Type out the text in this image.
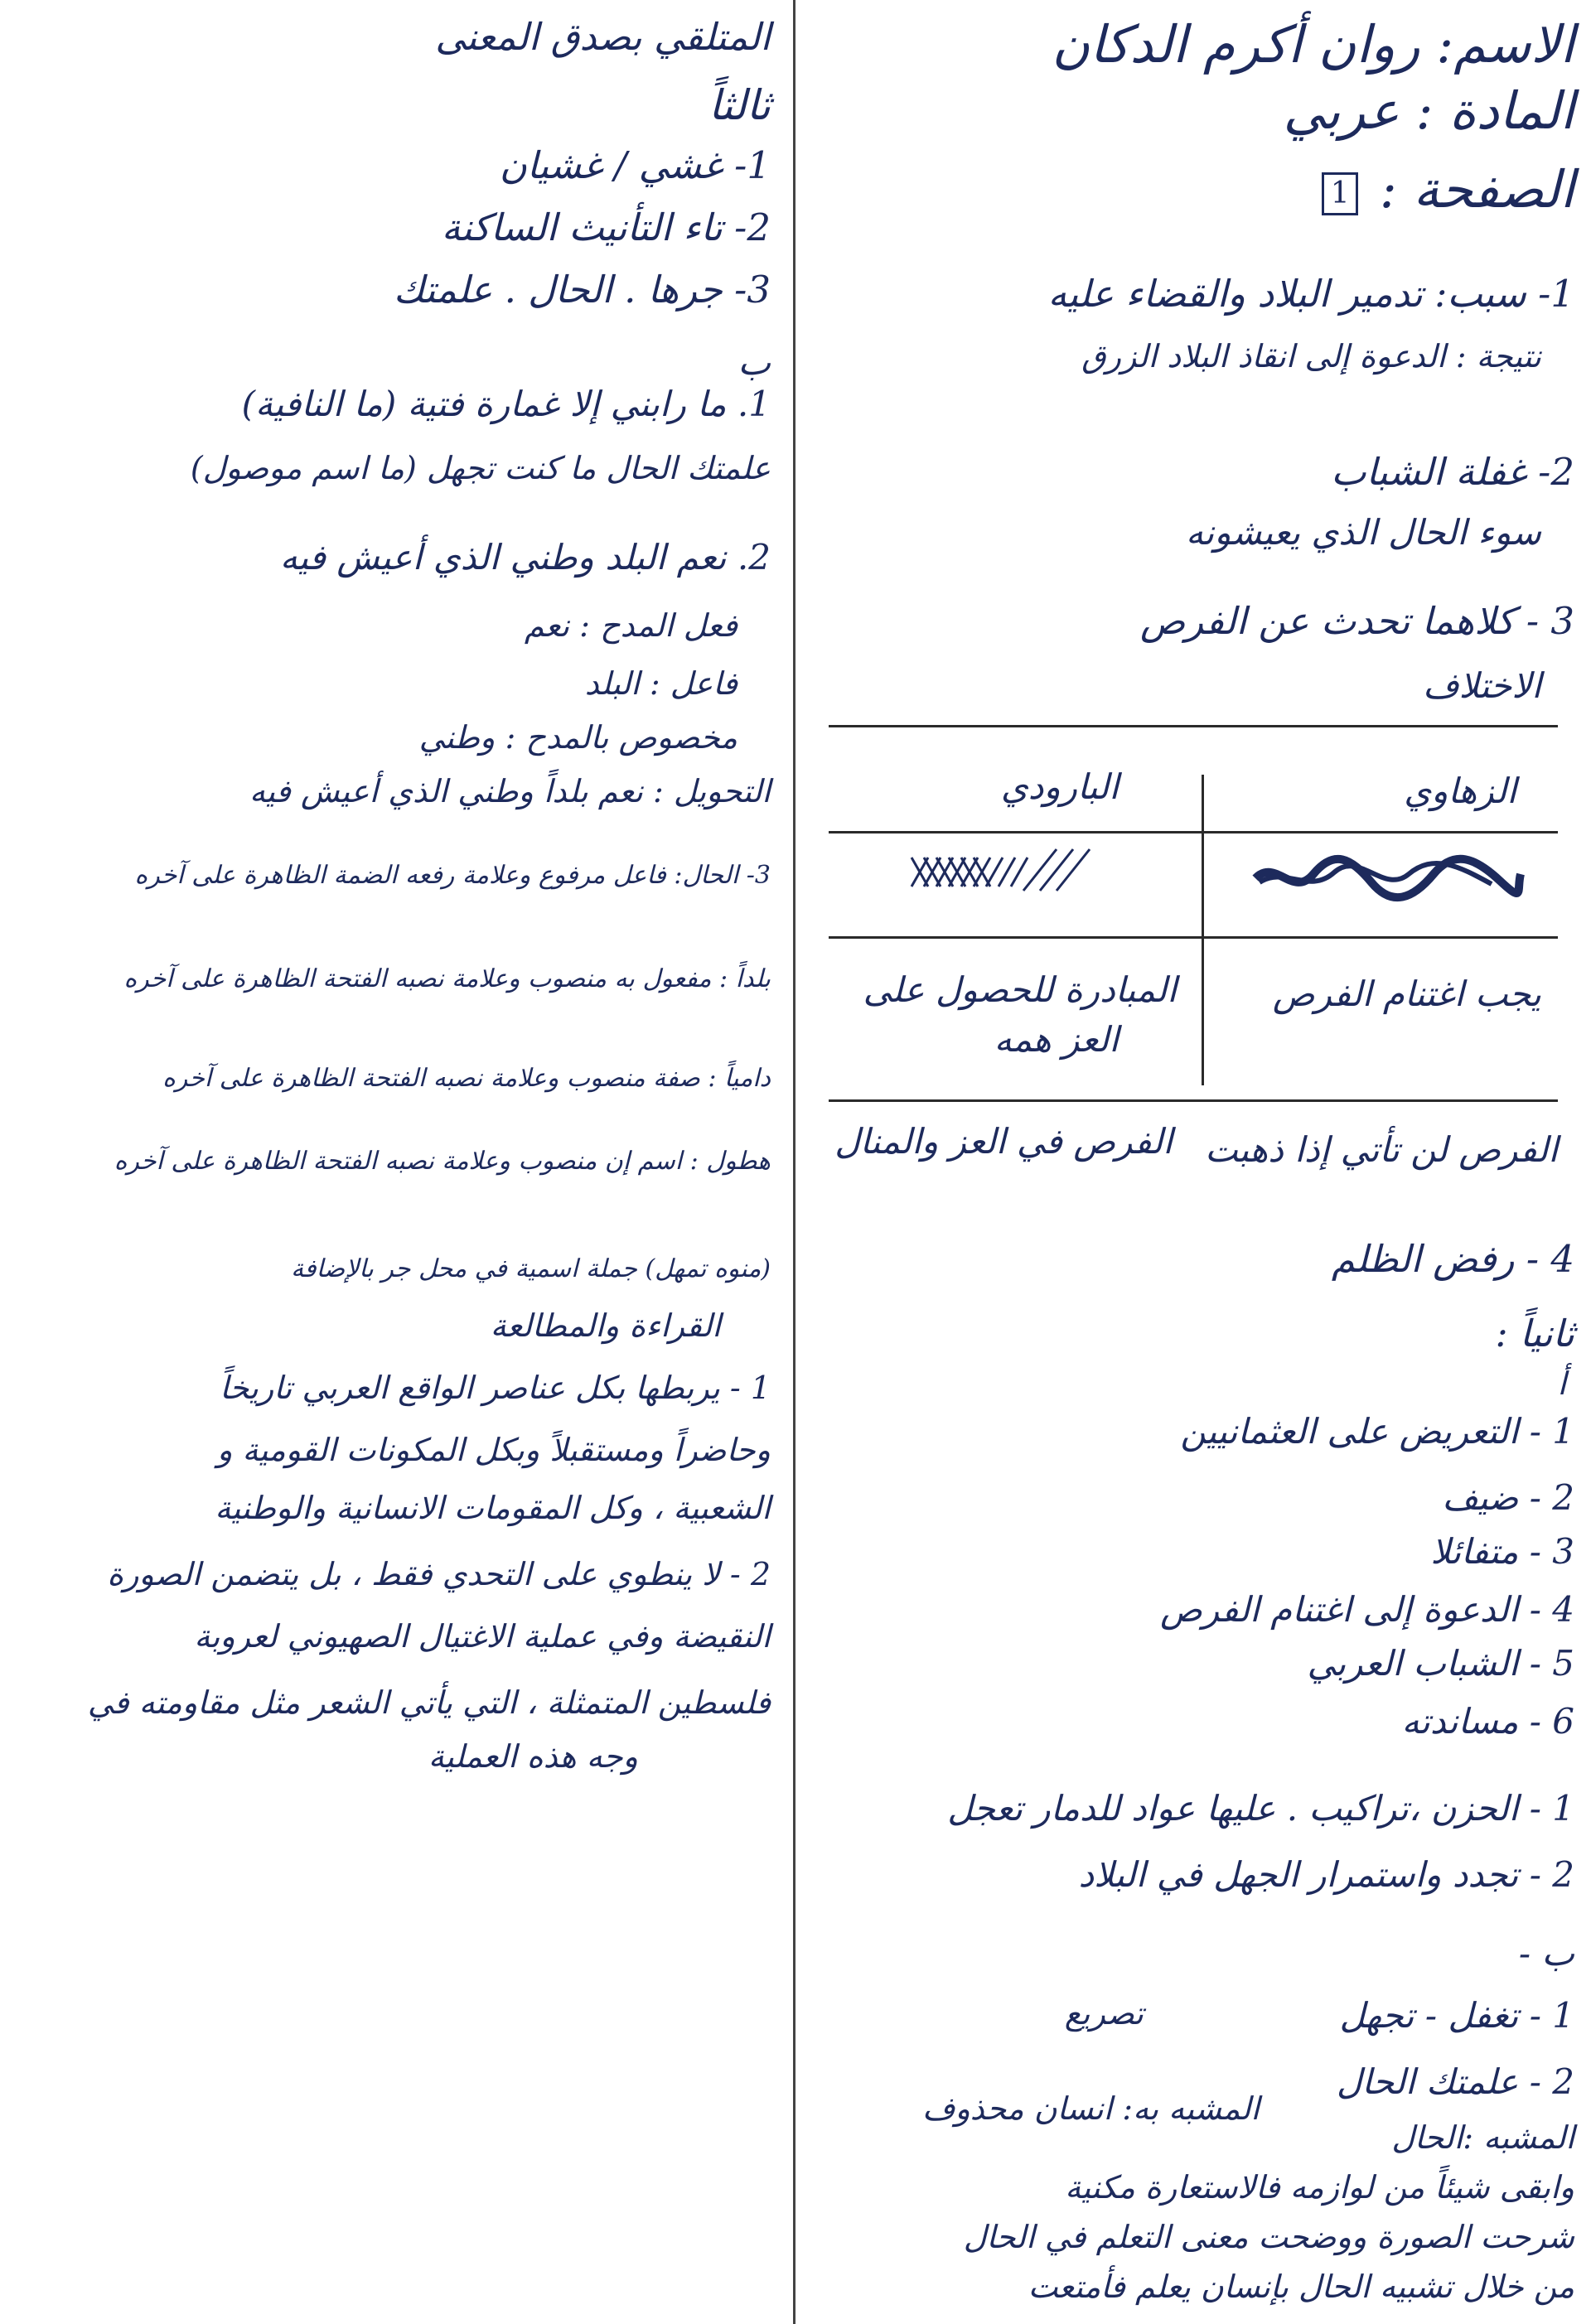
الاسم: روان أكرم الدكان
المادة : عربي
الصفحة : 1
1- سبب: تدمير البلاد والقضاء عليه
نتيجة : الدعوة إلى انقاذ البلاد الزرق
2- غفلة الشباب
سوء الحال الذي يعيشونه
3 - كلاهما تحدث عن الفرص
الاختلاف
الزهاوي
البارودي
يجب اغتنام الفرص
المبادرة للحصول على
العز همه
الفرص لن تأتي إذا ذهبت
الفرص في العز والمنال
4 - رفض الظلم
ثانياً :
أ
1 - التعريض على العثمانيين
2 - ضيف
3 - متفائلا
4 - الدعوة إلى اغتنام الفرص
5 - الشباب العربي
6 - مساندته
1 - الحزن ،تراكيب . عليها عواد للدمار تعجل
2 - تجدد واستمرار الجهل في البلاد
ب -
1 - تغفل - تجهل
تصريع
2 - علمتك الحال
المشبه :الحال
المشبه به: انسان محذوف
وابقى شيئاً من لوازمه فالاستعارة مكنية
شرحت الصورة ووضحت معنى التعلم في الحال
من خلال تشبيه الحال بإنسان يعلم فأمتعت
المتلقي بصدق المعنى
ثالثاً
1- غشي / غشيان
2- تاء التأنيث الساكنة
3- جرها . الحال . علمتك
ب
1. ما رابني إلا غمارة فتية (ما النافية)
علمتك الحال ما كنت تجهل (ما اسم موصول)
2. نعم البلد وطني الذي أعيش فيه
فعل المدح : نعم
فاعل : البلد
مخصوص بالمدح : وطني
التحويل : نعم بلداً وطني الذي أعيش فيه
3- الحال: فاعل مرفوع وعلامة رفعه الضمة الظاهرة على آخره
بلداً : مفعول به منصوب وعلامة نصبه الفتحة الظاهرة على آخره
دامياً : صفة منصوب وعلامة نصبه الفتحة الظاهرة على آخره
هطول : اسم إن منصوب وعلامة نصبه الفتحة الظاهرة على آخره
(منوه تمهل) جملة اسمية في محل جر بالإضافة
القراءة والمطالعة
1 - يربطها بكل عناصر الواقع العربي تاريخاً
وحاضراً ومستقبلاً وبكل المكونات القومية و
الشعبية ، وكل المقومات الانسانية والوطنية
2 - لا ينطوي على التحدي فقط ، بل يتضمن الصورة
النقيضة وفي عملية الاغتيال الصهيوني لعروبة
فلسطين المتمثلة ، التي يأتي الشعر مثل مقاومته في
وجه هذه العملية
